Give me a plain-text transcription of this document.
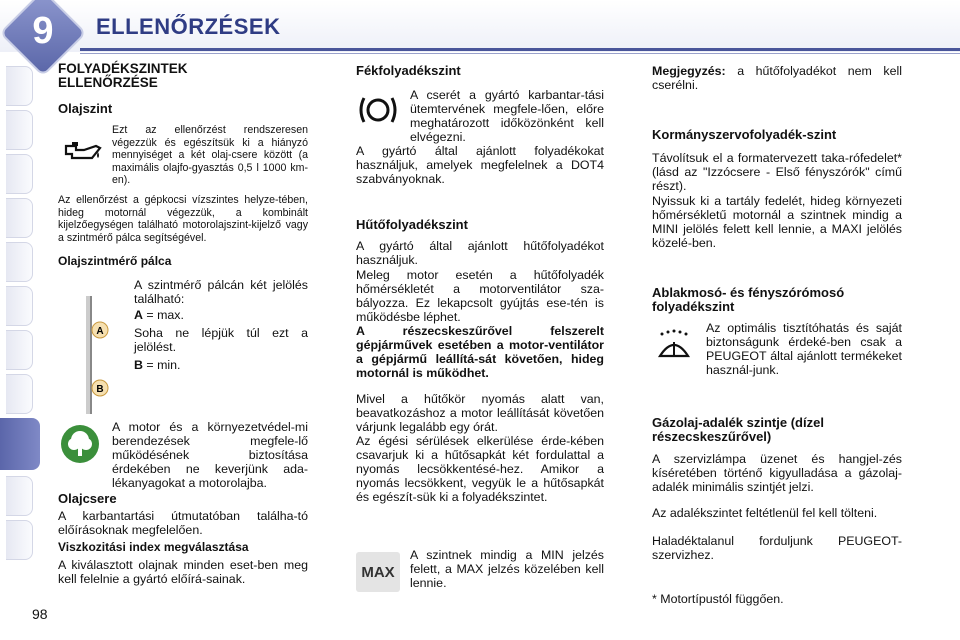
9	ELLENŐRZÉSEK
98
FOLYADÉKSZINTEK ELLENŐRZÉSE
Olajszint

Ezt az ellenőrzést rendszeresen végezzük és egészítsük ki a hiányzó mennyiséget a két olaj-csere között (a maximális olajfo-gyasztás 0,5 l 1000 km-en).

Az ellenőrzést a gépkocsi vízszintes helyze-tében, hideg motornál végezzük, a kombinált kijelzőegységen található motorolajszint-kijelző vagy a szintmérő pálca segítségével.

Olajszintmérő pálca
A
B

A szintmérő pálcán két jelölés található:

A = max.

Soha ne lépjük túl ezt a jelölést.

B = min.

A motor és a környezetvédel-mi berendezések megfele-lő működésének biztosítása érdekében ne keverjünk ada-lékanyagokat a motorolajba.

Olajcsere

A karbantartási útmutatóban találha-tó előírásoknak megfelelően.

Viszkozitási index megválasztása

A kiválasztott olajnak minden eset-ben meg kell felelnie a gyártó előírá-sainak.

Fékfolyadékszint

A cserét a gyártó karbantar-tási ütemtervének megfele-lően, előre meghatározott időközönként kell elvégezni.

A gyártó által ajánlott folyadékokat használjuk, amelyek megfelelnek a DOT4 szabványoknak.

Hűtőfolyadékszint

A gyártó által ajánlott hűtőfolyadékot használjuk.

Meleg motor esetén a hűtőfolyadék hőmérsékletét a motorventilátor sza-bályozza. Ez lekapcsolt gyújtás ese-tén is működésbe léphet.

A részecskeszűrővel felszerelt gépjárművek esetében a motor-ventilátor a gépjármű leállítá-sát követően, hideg motornál is működhet.

Mivel a hűtőkör nyomás alatt van, beavatkozáshoz a motor leállítását követően várjunk legalább egy órát.

Az égési sérülések elkerülése érde-kében csavarjuk ki a hűtősapkát két fordulattal a nyomás lecsökkentésé-hez. Amikor a nyomás lecsökkent, vegyük le a hűtősapkát és egészít-sük ki a folyadékszintet.

MAX

A szintnek mindig a MIN jelzés felett, a MAX jelzés közelében kell lennie.

Megjegyzés: a hűtőfolyadékot nem kell cserélni.

Kormányszervofolyadék-szint

Távolítsuk el a formatervezett taka-rófedelet* (lásd az "Izzócsere - Első fényszórók" című részt).

Nyissuk ki a tartály fedelét, hideg környezeti hőmérsékletű motornál a szintnek mindig a MINI jelölés felett kell lennie, a MAXI jelölés közelé-ben.

Ablakmosó- és fényszórómosó folyadékszint

Az optimális tisztítóhatás és saját biztonságunk érdeké-ben csak a PEUGEOT által ajánlott termékeket használ-junk.

Gázolaj-adalék szintje (dízel részecskeszűrővel)

A szervizlámpa üzenet és hangjel-zés kíséretében történő kigyulladása a gázolaj-adalék minimális szintjét jelzi.

Az adalékszintet feltétlenül fel kell tölteni.

Haladéktalanul forduljunk PEUGEOT-szervizhez.

* Motortípustól függően.
